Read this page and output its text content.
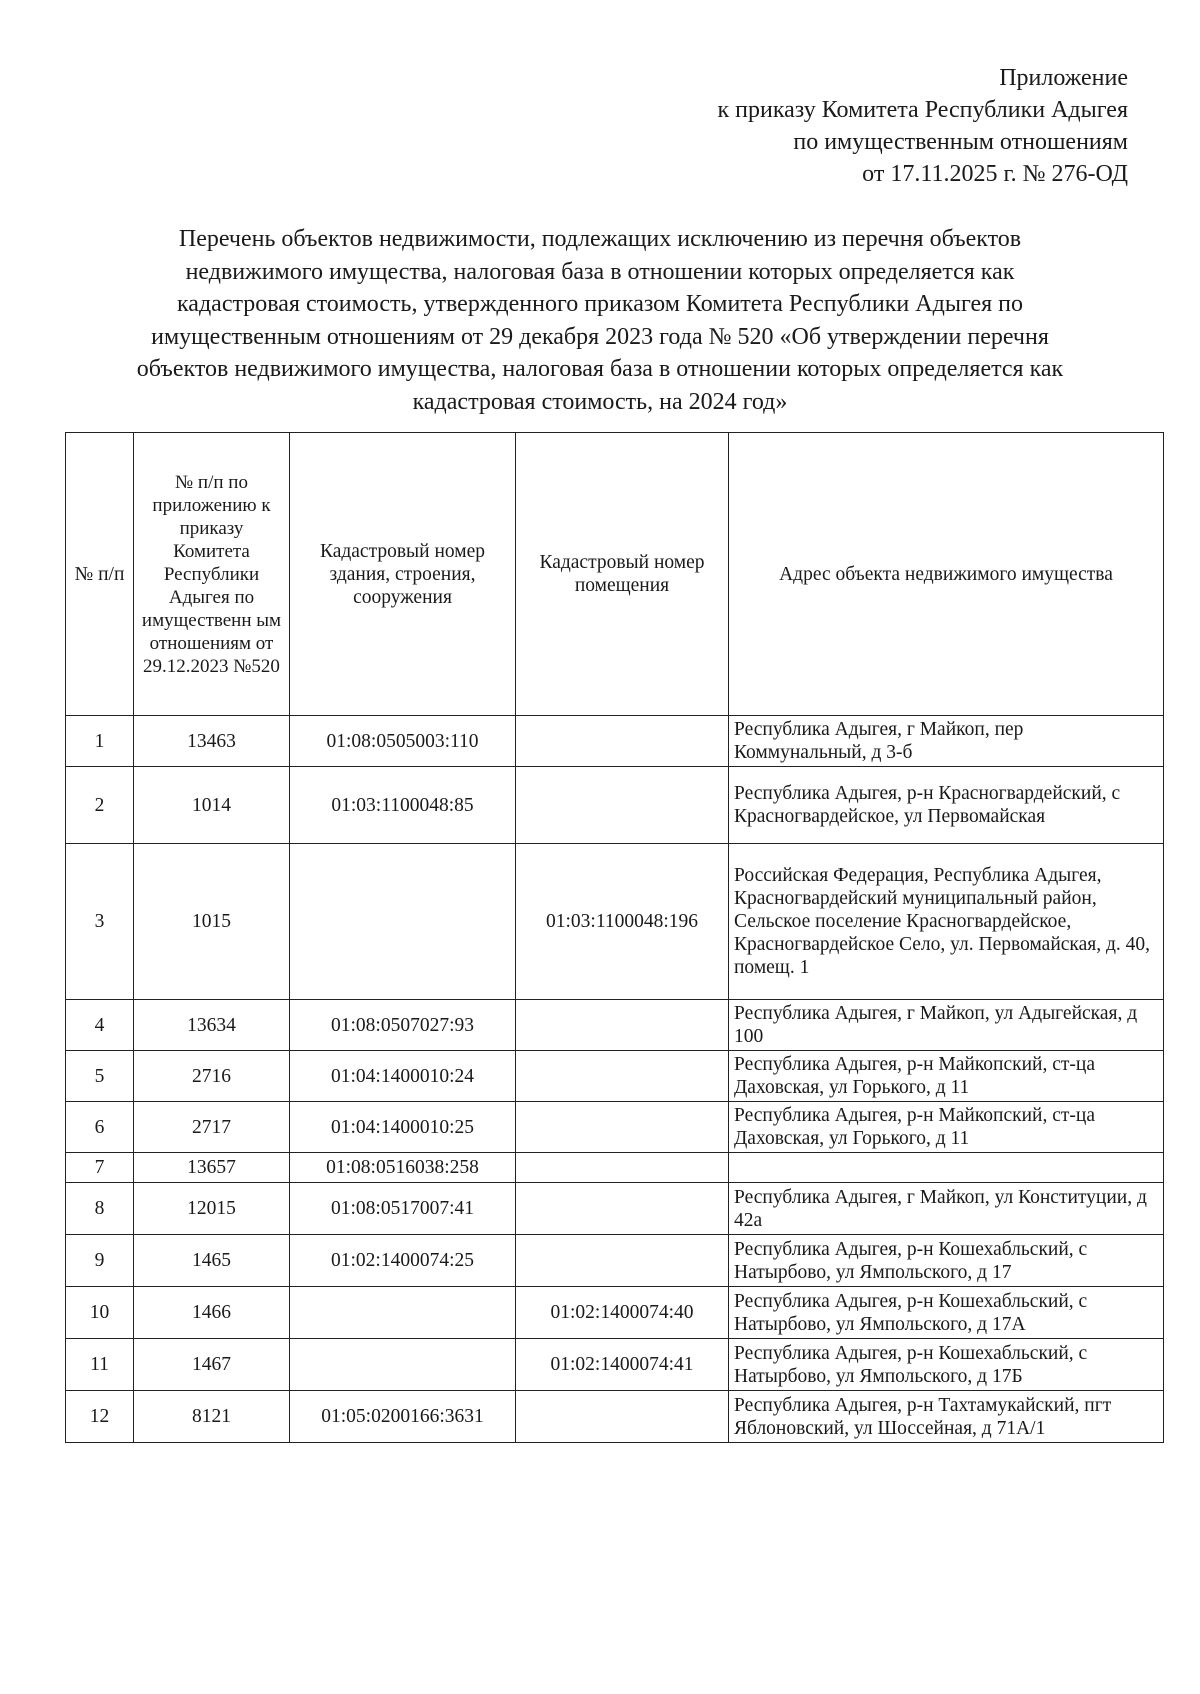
Приложение
к приказу Комитета Республики Адыгея
по имущественным отношениям
от 17.11.2025 г. № 276-ОД
Перечень объектов недвижимости, подлежащих исключению из перечня объектов
недвижимого имущества, налоговая база в отношении которых определяется как
кадастровая стоимость, утвержденного приказом Комитета Республики Адыгея по
имущественным отношениям от 29 декабря 2023 года № 520 «Об утверждении перечня
объектов недвижимого имущества, налоговая база в отношении которых определяется как
кадастровая стоимость, на 2024 год»
№ п/п	№ п/п по приложению к приказу Комитета Республики Адыгея по имущественн ым отношениям от 29.12.2023 №520	Кадастровый номер здания, строения, сооружения	Кадастровый номер помещения	Адрес объекта недвижимого имущества
1	13463	01:08:0505003:110		Республика Адыгея, г Майкоп, пер Коммунальный, д 3-б
2	1014	01:03:1100048:85		Республика Адыгея, р-н Красногвардейский, с Красногвардейское, ул Первомайская
3	1015		01:03:1100048:196	Российская Федерация, Республика Адыгея, Красногвардейский муниципальный район, Сельское поселение Красногвардейское, Красногвардейское Село, ул. Первомайская, д. 40, помещ. 1
4	13634	01:08:0507027:93		Республика Адыгея, г Майкоп, ул Адыгейская, д 100
5	2716	01:04:1400010:24		Республика Адыгея, р-н Майкопский, ст-ца Даховская, ул Горького, д 11
6	2717	01:04:1400010:25		Республика Адыгея, р-н Майкопский, ст-ца Даховская, ул Горького, д 11
7	13657	01:08:0516038:258		
8	12015	01:08:0517007:41		Республика Адыгея, г Майкоп, ул Конституции, д 42а
9	1465	01:02:1400074:25		Республика Адыгея, р-н Кошехабльский, с Натырбово, ул Ямпольского, д 17
10	1466		01:02:1400074:40	Республика Адыгея, р-н Кошехабльский, с Натырбово, ул Ямпольского, д 17А
11	1467		01:02:1400074:41	Республика Адыгея, р-н Кошехабльский, с Натырбово, ул Ямпольского, д 17Б
12	8121	01:05:0200166:3631		Республика Адыгея, р-н Тахтамукайский, пгт Яблоновский, ул Шоссейная, д 71А/1
